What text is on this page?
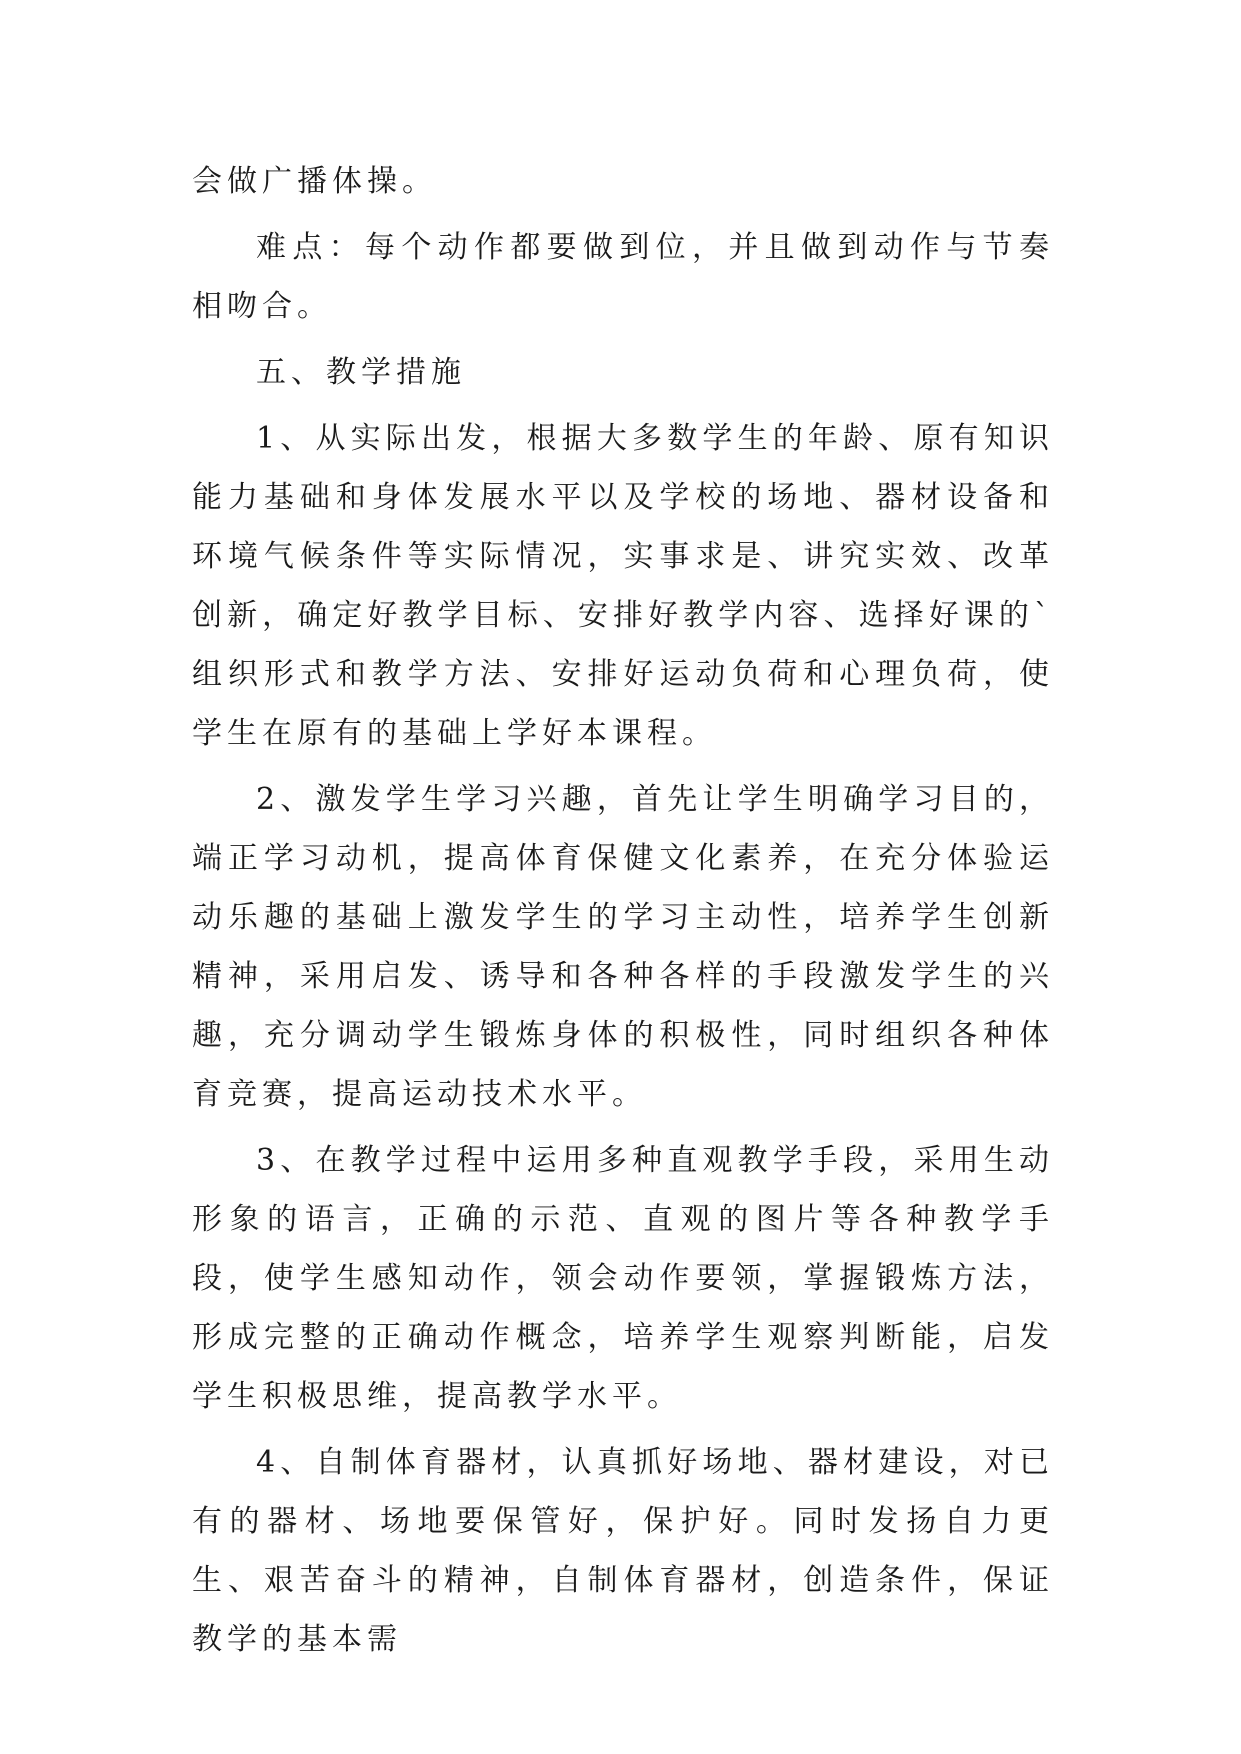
会做广播体操。

难点：每个动作都要做到位，并且做到动作与节奏相吻合。

五、教学措施

1、从实际出发，根据大多数学生的年龄、原有知识能力基础和身体发展水平以及学校的场地、器材设备和环境气候条件等实际情况，实事求是、讲究实效、改革创新，确定好教学目标、安排好教学内容、选择好课的`组织形式和教学方法、安排好运动负荷和心理负荷，使学生在原有的基础上学好本课程。

2、激发学生学习兴趣，首先让学生明确学习目的，端正学习动机，提高体育保健文化素养，在充分体验运动乐趣的基础上激发学生的学习主动性，培养学生创新精神，采用启发、诱导和各种各样的手段激发学生的兴趣，充分调动学生锻炼身体的积极性，同时组织各种体育竞赛，提高运动技术水平。

3、在教学过程中运用多种直观教学手段，采用生动形象的语言，正确的示范、直观的图片等各种教学手段，使学生感知动作，领会动作要领，掌握锻炼方法，形成完整的正确动作概念，培养学生观察判断能，启发学生积极思维，提高教学水平。

4、自制体育器材，认真抓好场地、器材建设，对已有的器材、场地要保管好，保护好。同时发扬自力更生、艰苦奋斗的精神，自制体育器材，创造条件，保证教学的基本需
